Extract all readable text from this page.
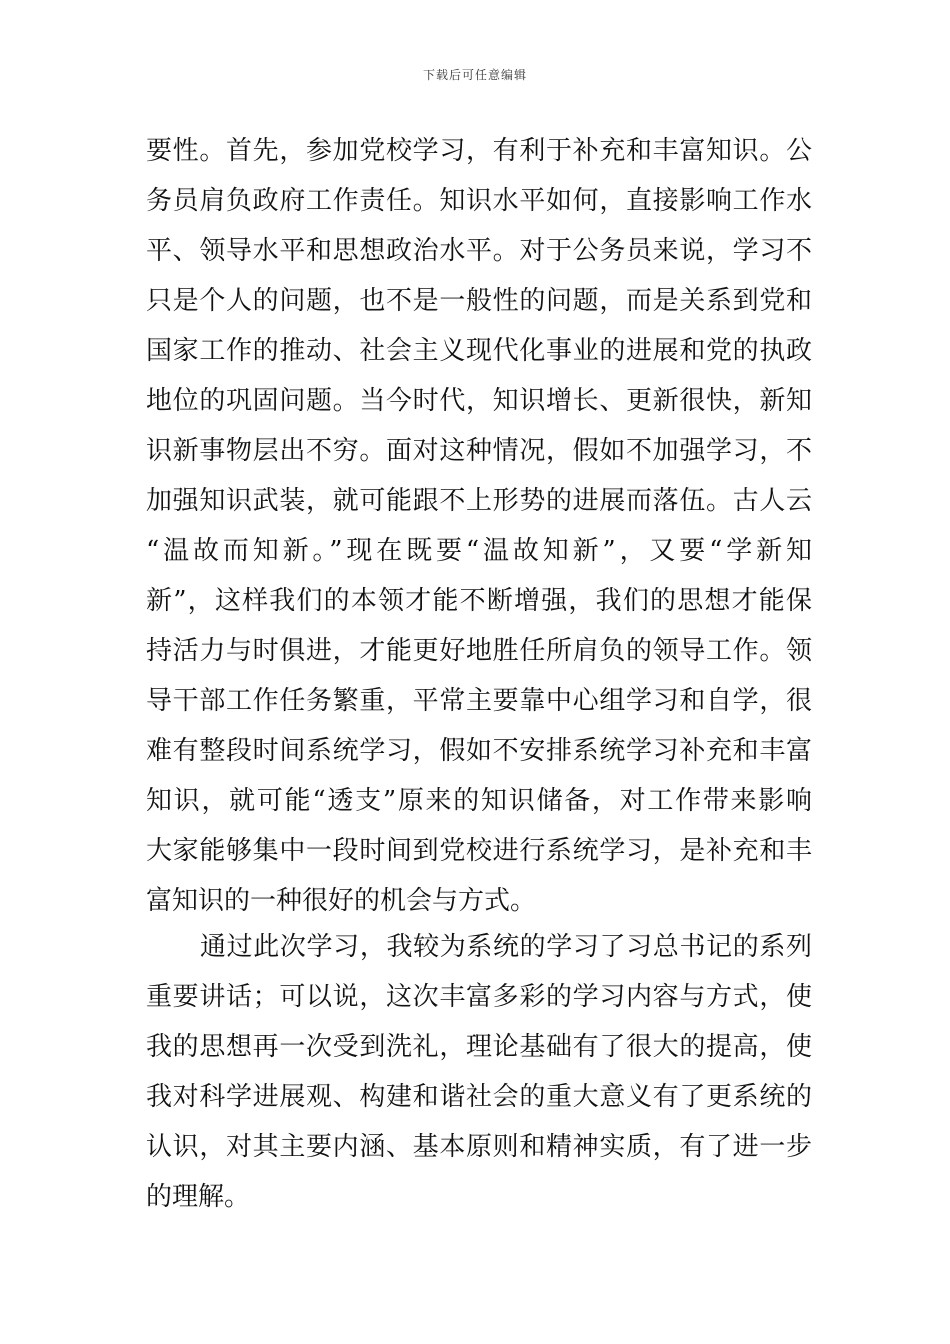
下载后可任意编辑
要性。首先，参加党校学习，有利于补充和丰富知识。公
务员肩负政府工作责任。知识水平如何，直接影响工作水
平、领导水平和思想政治水平。对于公务员来说，学习不
只是个人的问题，也不是一般性的问题，而是关系到党和
国家工作的推动、社会主义现代化事业的进展和党的执政
地位的巩固问题。当今时代，知识增长、更新很快，新知
识新事物层出不穷。面对这种情况，假如不加强学习，不
加强知识武装，就可能跟不上形势的进展而落伍。古人云
“温故而知新。”现在既要“温故知新”，又要“学新知
新”，这样我们的本领才能不断增强，我们的思想才能保
持活力与时俱进，才能更好地胜任所肩负的领导工作。领
导干部工作任务繁重，平常主要靠中心组学习和自学，很
难有整段时间系统学习，假如不安排系统学习补充和丰富
知识，就可能“透支”原来的知识储备，对工作带来影响
大家能够集中一段时间到党校进行系统学习，是补充和丰
富知识的一种很好的机会与方式。
通过此次学习，我较为系统的学习了习总书记的系列
重要讲话；可以说，这次丰富多彩的学习内容与方式，使
我的思想再一次受到洗礼，理论基础有了很大的提高，使
我对科学进展观、构建和谐社会的重大意义有了更系统的
认识，对其主要内涵、基本原则和精神实质，有了进一步
的理解。
